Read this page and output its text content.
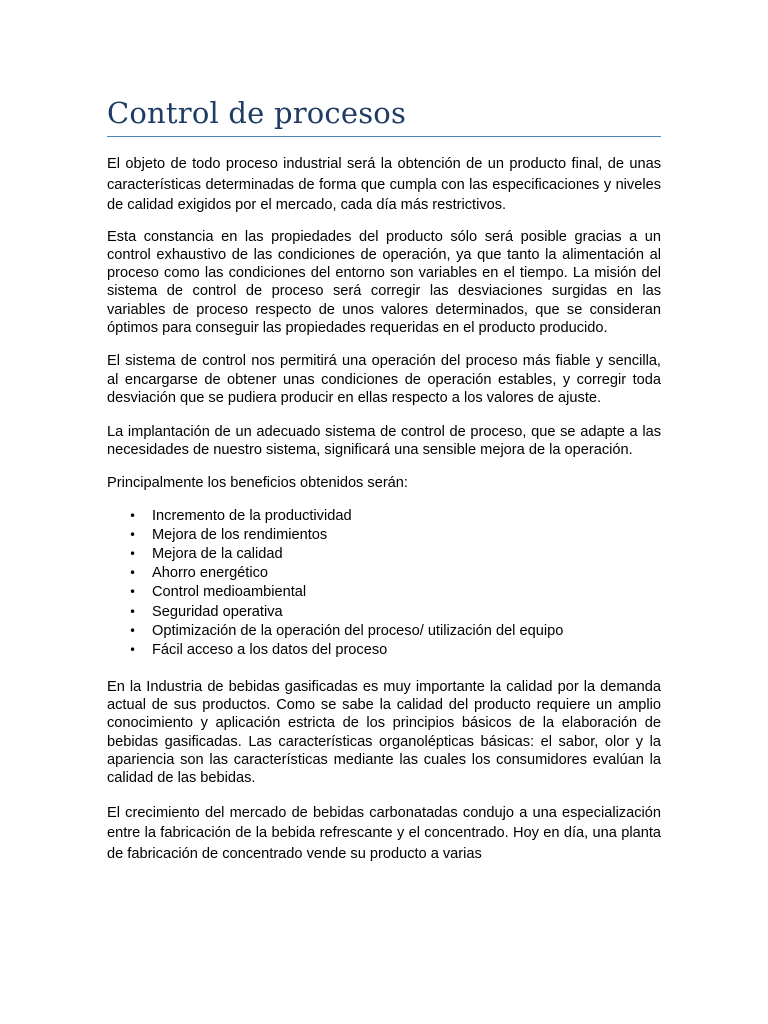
Control de procesos

El objeto de todo proceso industrial será la obtención de un producto final, de unas características determinadas de forma que cumpla con las especificaciones y niveles de calidad exigidos por el mercado, cada día más restrictivos.

Esta constancia en las propiedades del producto sólo será posible gracias a un control exhaustivo de las condiciones de operación, ya que tanto la alimentación al proceso como las condiciones del entorno son variables en el tiempo. La misión del sistema de control de proceso será corregir las desviaciones surgidas en las variables de proceso respecto de unos valores determinados, que se consideran óptimos para conseguir las propiedades requeridas en el producto producido.

El sistema de control nos permitirá una operación del proceso más fiable y sencilla, al encargarse de obtener unas condiciones de operación estables, y corregir toda desviación que se pudiera producir en ellas respecto a los valores de ajuste.

La implantación de un adecuado sistema de control de proceso, que se adapte a las necesidades de nuestro sistema, significará una sensible mejora de la operación.

Principalmente los beneficios obtenidos serán:

• Incremento de la productividad
• Mejora de los rendimientos
• Mejora de la calidad
• Ahorro energético
• Control medioambiental
• Seguridad operativa
• Optimización de la operación del proceso/ utilización del equipo
• Fácil acceso a los datos del proceso

En la Industria de bebidas gasificadas es muy importante la calidad por la demanda actual de sus productos. Como se sabe la calidad del producto requiere un amplio conocimiento y aplicación estricta de los principios básicos de la elaboración de bebidas gasificadas. Las características organolépticas básicas: el sabor, olor y la apariencia son las características mediante las cuales los consumidores evalúan la calidad de las bebidas.

El crecimiento del mercado de bebidas carbonatadas condujo a una especialización entre la fabricación de la bebida refrescante y el concentrado. Hoy en día, una planta de fabricación de concentrado vende su producto a varias
